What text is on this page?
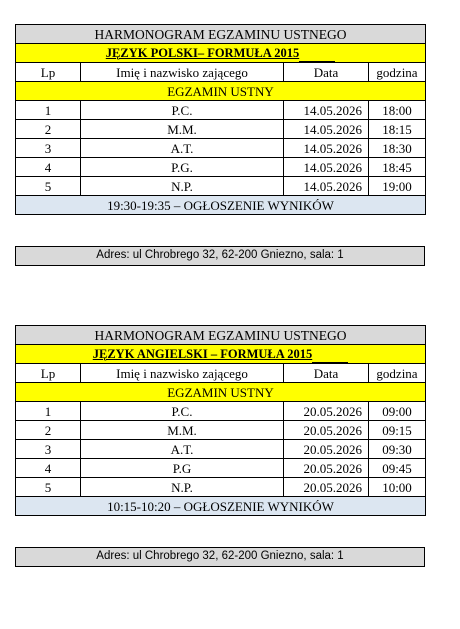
HARMONOGRAM EGZAMINU USTNEGO			
JĘZYK POLSKI– FORMUŁA 2015			
Lp	Imię i nazwisko zającego	Data	godzina
EGZAMIN USTNY			
1	P.C.	14.05.2026	18:00
2	M.M.	14.05.2026	18:15
3	A.T.	14.05.2026	18:30
4	P.G.	14.05.2026	18:45
5	N.P.	14.05.2026	19:00
19:30-19:35 – OGŁOSZENIE WYNIKÓW			
Adres: ul Chrobrego 32, 62-200 Gniezno, sala: 1
HARMONOGRAM EGZAMINU USTNEGO			
JĘZYK ANGIELSKI – FORMUŁA 2015			
Lp	Imię i nazwisko zającego	Data	godzina
EGZAMIN USTNY			
1	P.C.	20.05.2026	09:00
2	M.M.	20.05.2026	09:15
3	A.T.	20.05.2026	09:30
4	P.G	20.05.2026	09:45
5	N.P.	20.05.2026	10:00
10:15-10:20 – OGŁOSZENIE WYNIKÓW			
Adres: ul Chrobrego 32, 62-200 Gniezno, sala: 1
